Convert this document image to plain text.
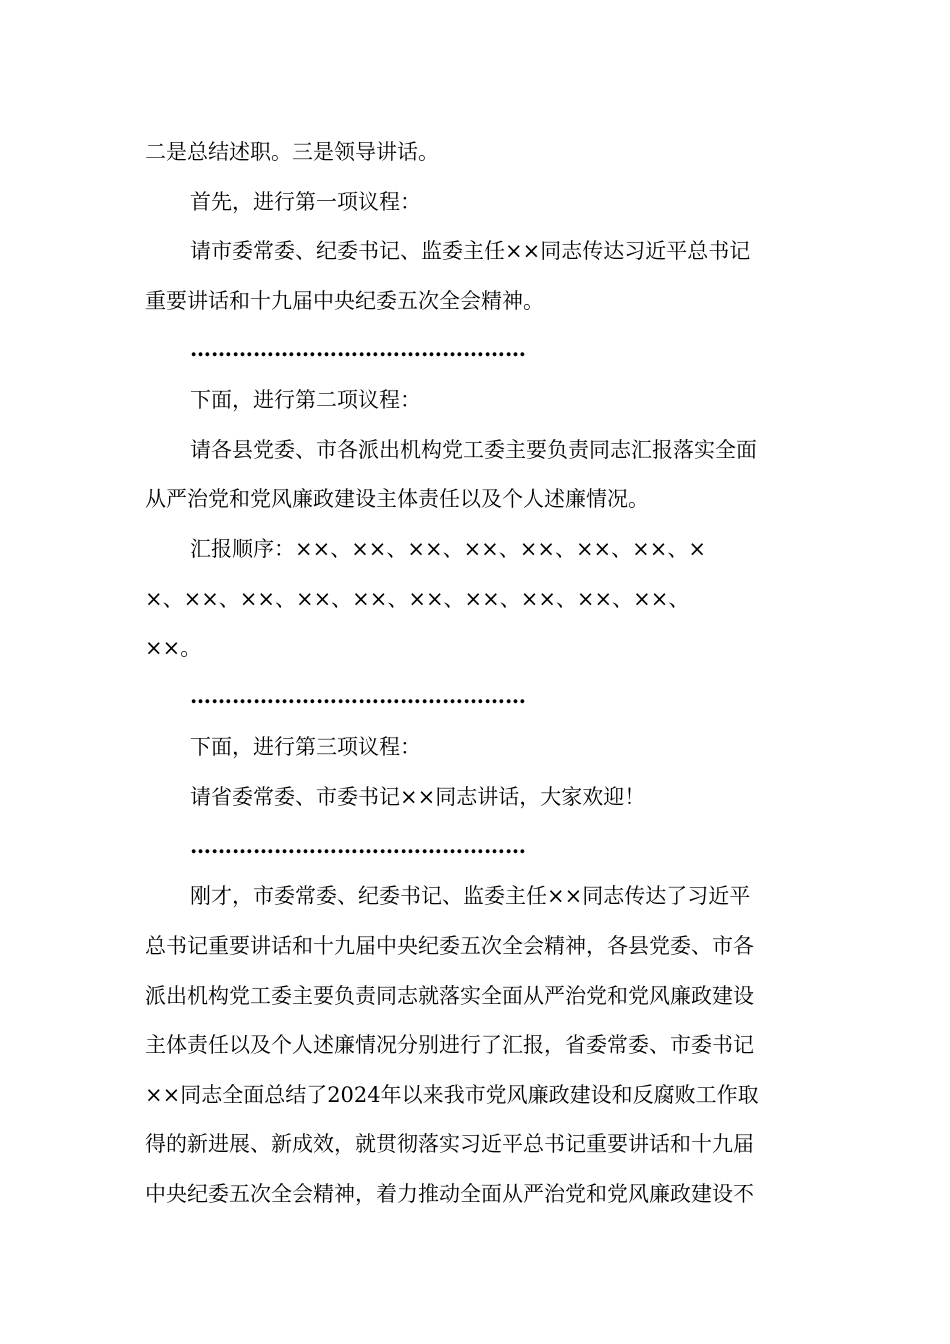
二是总结述职。三是领导讲话。
首先，进行第一项议程：
请市委常委、纪委书记、监委主任××同志传达习近平总书记
重要讲话和十九届中央纪委五次全会精神。
…………………………………………
下面，进行第二项议程：
请各县党委、市各派出机构党工委主要负责同志汇报落实全面
从严治党和党风廉政建设主体责任以及个人述廉情况。
汇报顺序：××、××、××、××、××、××、××、×
×、××、××、××、××、××、××、××、××、××、
××。
…………………………………………
下面，进行第三项议程：
请省委常委、市委书记××同志讲话，大家欢迎！
…………………………………………
刚才，市委常委、纪委书记、监委主任××同志传达了习近平
总书记重要讲话和十九届中央纪委五次全会精神，各县党委、市各
派出机构党工委主要负责同志就落实全面从严治党和党风廉政建设
主体责任以及个人述廉情况分别进行了汇报，省委常委、市委书记
××同志全面总结了2024年以来我市党风廉政建设和反腐败工作取
得的新进展、新成效，就贯彻落实习近平总书记重要讲话和十九届
中央纪委五次全会精神，着力推动全面从严治党和党风廉政建设不
